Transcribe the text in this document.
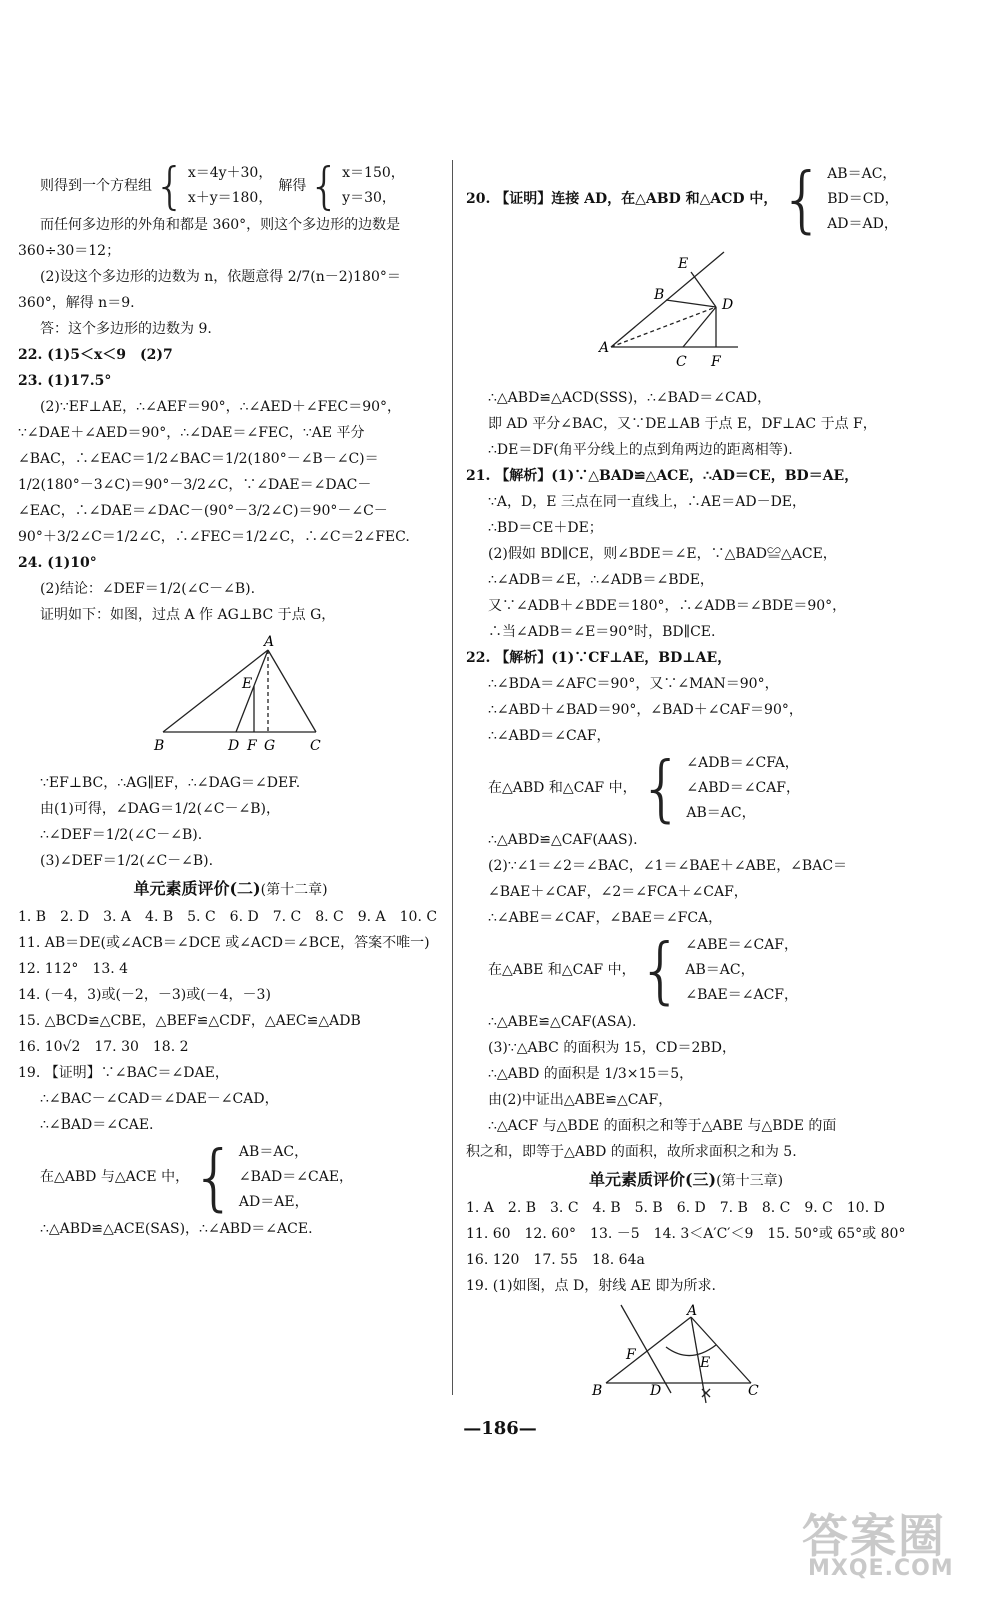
则得到一个方程组 { x＝4y＋30，
x＋y＝180，
解得 { x＝150，
y＝30，
而任何多边形的外角和都是 360°，则这个多边形的边数是
360÷30＝12；
(2)设这个多边形的边数为 n，依题意得 2/7(n－2)180°＝
360°，解得 n＝9.
答：这个多边形的边数为 9.
22. (1)5＜x＜9　(2)7
23. (1)17.5°
(2)∵EF⊥AE，∴∠AEF＝90°，∴∠AED＋∠FEC＝90°，
∵∠DAE＋∠AED＝90°，∴∠DAE＝∠FEC，∵AE 平分
∠BAC，∴∠EAC＝1/2∠BAC＝1/2(180°－∠B－∠C)＝
1/2(180°－3∠C)＝90°－3/2∠C，∵∠DAE＝∠DAC－
∠EAC，∴∠DAE＝∠DAC－(90°－3/2∠C)＝90°－∠C－
90°＋3/2∠C＝1/2∠C，∴∠FEC＝1/2∠C，∴∠C＝2∠FEC.
24. (1)10°
(2)结论：∠DEF＝1/2(∠C－∠B).
证明如下：如图，过点 A 作 AG⊥BC 于点 G，
A
E
B	D F G C
∵EF⊥BC，∴AG∥EF，∴∠DAG＝∠DEF.
由(1)可得，∠DAG＝1/2(∠C－∠B)，
∴∠DEF＝1/2(∠C－∠B).
(3)∠DEF＝1/2(∠C－∠B).
单元素质评价(二)(第十二章)
1. B　2. D　3. A　4. B　5. C　6. D　7. C　8. C　9. A　10. C
11. AB＝DE(或∠ACB＝∠DCE 或∠ACD＝∠BCE，答案不唯一)
12. 112°　13. 4
14. (－4，3)或(－2，－3)或(－4，－3)
15. △BCD≌△CBE，△BEF≌△CDF，△AEC≌△ADB
16. 10√2　17. 30　18. 2
19. 【证明】∵∠BAC＝∠DAE，
∴∠BAC－∠CAD＝∠DAE－∠CAD，
∴∠BAD＝∠CAE.
在△ABD 与△ACE 中， { AB＝AC，
∠BAD＝∠CAE，
AD＝AE，
∴△ABD≌△ACE(SAS)，∴∠ABD＝∠ACE.
20. 【证明】连接 AD，在△ABD 和△ACD 中， { AB＝AC，
BD＝CD，
AD＝AD，
E
B
D
A
C F
∴△ABD≌△ACD(SSS)，∴∠BAD＝∠CAD，
即 AD 平分∠BAC，又∵DE⊥AB 于点 E，DF⊥AC 于点 F，
∴DE＝DF(角平分线上的点到角两边的距离相等).
21. 【解析】(1)∵△BAD≌△ACE，∴AD＝CE，BD＝AE，
∵A，D，E 三点在同一直线上，∴AE＝AD－DE，
∴BD＝CE＋DE；
(2)假如 BD∥CE，则∠BDE＝∠E，∵△BAD≌△ACE，
∴∠ADB＝∠E，∴∠ADB＝∠BDE，
又∵∠ADB＋∠BDE＝180°，∴∠ADB＝∠BDE＝90°，
∴当∠ADB＝∠E＝90°时，BD∥CE.
22. 【解析】(1)∵CF⊥AE，BD⊥AE，
∴∠BDA＝∠AFC＝90°，又∵∠MAN＝90°，
∴∠ABD＋∠BAD＝90°，∠BAD＋∠CAF＝90°，
∴∠ABD＝∠CAF，
在△ABD 和△CAF 中， { ∠ADB＝∠CFA，
∠ABD＝∠CAF，
AB＝AC，
∴△ABD≌△CAF(AAS).
(2)∵∠1＝∠2＝∠BAC，∠1＝∠BAE＋∠ABE，∠BAC＝
∠BAE＋∠CAF，∠2＝∠FCA＋∠CAF，
∴∠ABE＝∠CAF，∠BAE＝∠FCA，
在△ABE 和△CAF 中， { ∠ABE＝∠CAF，
AB＝AC，
∠BAE＝∠ACF，
∴△ABE≌△CAF(ASA).
(3)∵△ABC 的面积为 15，CD＝2BD，
∴△ABD 的面积是 1/3×15＝5，
由(2)中证出△ABE≌△CAF，
∴△ACF 与△BDE 的面积之和等于△ABE 与△BDE 的面
积之和，即等于△ABD 的面积，故所求面积之和为 5.
单元素质评价(三)(第十三章)
1. A　2. B　3. C　4. B　5. B　6. D　7. B　8. C　9. C　10. D
11. 60　12. 60°　13. －5　14. 3＜A′C′＜9　15. 50°或 65°或 80°
16. 120　17. 55　18. 64a
19. (1)如图，点 D，射线 AE 即为所求.
A
F	E
B	D	C
—186—
答案圈
MXQE.COM
